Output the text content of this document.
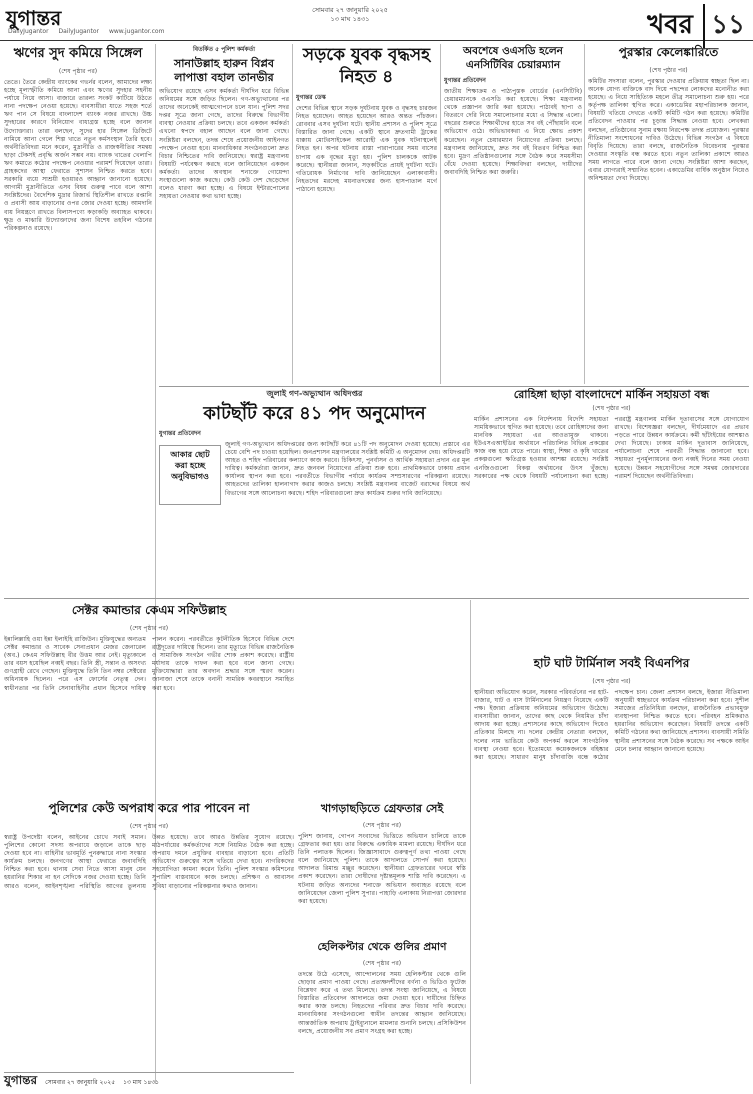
যুগান্তর
DailyJugantor DailyJugantor www.jugantor.com
সোমবার ২৭ জানুয়ারি ২০২৫
১৩ মাঘ ১৪৩১	খবর ১১
ঋণের সুদ কমিয়ে সিঙ্গেল
(শেষ পৃষ্ঠার পর)

তেতে। তৈরে কেন্দ্রীয় ব্যাংকের গভর্নর বলেন, আমাদের লক্ষ্য হচ্ছে মূল্যস্ফীতি কমিয়ে আনা এবং ঋণের সুদহার সহনীয় পর্যায়ে নিয়ে আসা। বাজারে তারল্য সংকট কাটিয়ে উঠতে নানা পদক্ষেপ নেওয়া হয়েছে। ব্যবসায়ীরা যাতে সহজ শর্তে ঋণ পান সে বিষয়ে বাংলাদেশ ব্যাংক নজর রাখছে। উচ্চ সুদহারের কারণে বিনিয়োগ বাধাগ্রস্ত হচ্ছে বলে জানান উদ্যোক্তারা। তারা বলছেন, সুদের হার সিঙ্গেল ডিজিটে নামিয়ে আনা গেলে শিল্প খাতে নতুন কর্মসংস্থান তৈরি হবে। অর্থনীতিবিদরা মনে করেন, মুদ্রানীতি ও রাজস্বনীতির সমন্বয় ছাড়া টেকসই প্রবৃদ্ধি অর্জন সম্ভব নয়। ব্যাংক খাতের খেলাপি ঋণ কমাতে কঠোর পদক্ষেপ নেওয়ার পরামর্শ দিয়েছেন তারা। গ্রাহকদের আস্থা ফেরাতে সুশাসন নিশ্চিত করতে হবে। সরকারি ব্যয়ে সাশ্রয়ী হওয়ারও আহ্বান জানানো হয়েছে। আগামী মুদ্রানীতিতে এসব বিষয় গুরুত্ব পাবে বলে আশা সংশ্লিষ্টদের। বৈদেশিক মুদ্রার রিজার্ভ স্থিতিশীল রাখতে রপ্তানি ও প্রবাসী আয় বাড়ানোর ওপর জোর দেওয়া হচ্ছে। আমদানি ব্যয় নিয়ন্ত্রণে রাখতে বিলাসপণ্যে কড়াকড়ি অব্যাহত থাকবে। ক্ষুদ্র ও মাঝারি উদ্যোক্তাদের জন্য বিশেষ তহবিল গঠনের পরিকল্পনাও রয়েছে।

বিতর্কিত ৫ পুলিশ কর্মকর্তা
সানাউল্লাহ হারুন বিপ্লব লাপাত্তা বহাল তানভীর

অভিযোগ রয়েছে এসব কর্মকর্তা দীর্ঘদিন ধরে বিভিন্ন অনিয়মের সঙ্গে জড়িত ছিলেন। গণ-অভ্যুত্থানের পর তাদের অনেকেই আত্মগোপনে চলে যান। পুলিশ সদর দপ্তর সূত্রে জানা গেছে, তাদের বিরুদ্ধে বিভাগীয় ব্যবস্থা নেওয়ার প্রক্রিয়া চলছে। তবে একজন কর্মকর্তা এখনো স্বপদে বহাল আছেন বলে জানা গেছে। সংশ্লিষ্টরা বলছেন, তদন্ত শেষে প্রয়োজনীয় আইনগত পদক্ষেপ নেওয়া হবে। মানবাধিকার সংগঠনগুলো দ্রুত বিচার নিশ্চিতের দাবি জানিয়েছে। স্বরাষ্ট্র মন্ত্রণালয় বিষয়টি পর্যবেক্ষণ করছে বলে জানিয়েছেন একজন কর্মকর্তা। তাদের অবস্থান শনাক্তে গোয়েন্দা সংস্থাগুলো কাজ করছে। কেউ কেউ দেশ ছেড়েছেন বলেও ধারণা করা হচ্ছে। এ বিষয়ে ইন্টারপোলের সহায়তা নেওয়ার কথা ভাবা হচ্ছে।

সড়কে যুবক বৃদ্ধসহ নিহত ৪
যুগান্তর ডেস্ক

দেশের বিভিন্ন স্থানে সড়ক দুর্ঘটনায় যুবক ও বৃদ্ধসহ চারজন নিহত হয়েছেন। আহত হয়েছেন আরও অন্তত পাঁচজন। রোববার এসব দুর্ঘটনা ঘটে। স্থানীয় প্রশাসন ও পুলিশ সূত্রে বিস্তারিত জানা গেছে। একটি স্থানে দ্রুতগামী ট্রাকের ধাক্কায় মোটরসাইকেল আরোহী এক যুবক ঘটনাস্থলেই নিহত হন। অপর ঘটনায় রাস্তা পারাপারের সময় বাসের চাপায় এক বৃদ্ধের মৃত্যু হয়। পুলিশ চালককে আটক করেছে। স্থানীয়রা জানান, সড়কটিতে প্রায়ই দুর্ঘটনা ঘটে। গতিরোধক নির্মাণের দাবি জানিয়েছেন এলাকাবাসী। নিহতদের মরদেহ ময়নাতদন্তের জন্য হাসপাতাল মর্গে পাঠানো হয়েছে।

অবশেষে ওএসডি হলেন এনসিটিবির চেয়ারম্যান
যুগান্তর প্রতিবেদন

জাতীয় শিক্ষাক্রম ও পাঠ্যপুস্তক বোর্ডের (এনসিটিবি) চেয়ারম্যানকে ওএসডি করা হয়েছে। শিক্ষা মন্ত্রণালয় থেকে প্রজ্ঞাপন জারি করা হয়েছে। পাঠ্যবই ছাপা ও বিতরণে দেরি নিয়ে সমালোচনার মধ্যে এ সিদ্ধান্ত এলো। বছরের শুরুতে শিক্ষার্থীদের হাতে সব বই পৌঁছায়নি বলে অভিযোগ ওঠে। অভিভাবকরা এ নিয়ে ক্ষোভ প্রকাশ করেছেন। নতুন চেয়ারম্যান নিয়োগের প্রক্রিয়া চলছে। মন্ত্রণালয় জানিয়েছে, দ্রুত সব বই বিতরণ নিশ্চিত করা হবে। মুদ্রণ প্রতিষ্ঠানগুলোর সঙ্গে বৈঠক করে সময়সীমা বেঁধে দেওয়া হয়েছে। শিক্ষাবিদরা বলছেন, দায়ীদের জবাবদিহি নিশ্চিত করা জরুরি।

পুরস্কার কেলেঙ্কারিতে
(শেষ পৃষ্ঠার পর)

কমিটির সদস্যরা বলেন, পুরস্কার দেওয়ার প্রক্রিয়ায় স্বচ্ছতা ছিল না। অনেক যোগ্য ব্যক্তিকে বাদ দিয়ে পছন্দের লোকদের মনোনীত করা হয়েছে। এ নিয়ে সাহিত্যিক মহলে তীব্র সমালোচনা শুরু হয়। পরে কর্তৃপক্ষ তালিকা স্থগিত করে। একাডেমির মহাপরিচালক জানান, বিষয়টি খতিয়ে দেখতে একটি কমিটি গঠন করা হয়েছে। কমিটির প্রতিবেদন পাওয়ার পর চূড়ান্ত সিদ্ধান্ত নেওয়া হবে। লেখকরা বলছেন, প্রতিষ্ঠানের সুনাম রক্ষায় নিরপেক্ষ তদন্ত প্রয়োজন। পুরস্কার নীতিমালা সংশোধনের দাবিও উঠেছে। বিভিন্ন সংগঠন এ বিষয়ে বিবৃতি দিয়েছে। তারা বলছে, রাজনৈতিক বিবেচনায় পুরস্কার দেওয়ার সংস্কৃতি বন্ধ করতে হবে। নতুন তালিকা প্রকাশে আরও সময় লাগতে পারে বলে জানা গেছে। সংশ্লিষ্টরা আশা করছেন, এবার যোগ্যরাই সম্মানিত হবেন। একাডেমির বার্ষিক অনুষ্ঠান নিয়েও অনিশ্চয়তা দেখা দিয়েছে।

জুলাই গণ-অভ্যুত্থান অধিদপ্তর
কাটছাঁট করে ৪১ পদ অনুমোদন
যুগান্তর প্রতিবেদন
আকার ছোট
করা হচ্ছে
অনুবিভাগও

জুলাই গণ-অভ্যুত্থান অধিদপ্তরের জন্য কাটছাঁট করে ৪১টি পদ অনুমোদন দেওয়া হয়েছে। প্রস্তাবে এর চেয়ে বেশি পদ চাওয়া হয়েছিল। জনপ্রশাসন মন্ত্রণালয়ের সংশ্লিষ্ট কমিটি এ অনুমোদন দেয়। অধিদপ্তরটি আহত ও শহিদ পরিবারের কল্যাণে কাজ করবে। চিকিৎসা, পুনর্বাসন ও আর্থিক সহায়তা প্রদান এর মূল দায়িত্ব। কর্মকর্তারা জানান, দ্রুত জনবল নিয়োগের প্রক্রিয়া শুরু হবে। প্রাথমিকভাবে ঢাকায় প্রধান কার্যালয় স্থাপন করা হবে। পরবর্তীতে বিভাগীয় পর্যায়ে কার্যক্রম সম্প্রসারণের পরিকল্পনা রয়েছে। আহতদের তালিকা হালনাগাদ করার কাজও চলছে। সংশ্লিষ্ট মন্ত্রণালয় বাজেট বরাদ্দের বিষয়ে অর্থ বিভাগের সঙ্গে আলোচনা করছে। শহিদ পরিবারগুলো দ্রুত কার্যক্রম শুরুর দাবি জানিয়েছে।

রোহিঙ্গা ছাড়া বাংলাদেশে মার্কিন সহায়তা বন্ধ
(শেষ পৃষ্ঠার পর)

মার্কিন প্রশাসনের এক নির্দেশনায় বিদেশি সহায়তা সাময়িকভাবে স্থগিত করা হয়েছে। তবে রোহিঙ্গাদের জন্য মানবিক সহায়তা এর আওতামুক্ত থাকবে। ইউএসএআইডির অর্থায়নে পরিচালিত বিভিন্ন প্রকল্পের কাজ বন্ধ হয়ে যেতে পারে। স্বাস্থ্য, শিক্ষা ও কৃষি খাতের প্রকল্পগুলো ক্ষতিগ্রস্ত হওয়ার আশঙ্কা রয়েছে। সংশ্লিষ্ট এনজিওগুলো বিকল্প অর্থায়নের উৎস খুঁজছে। সরকারের পক্ষ থেকে বিষয়টি পর্যালোচনা করা হচ্ছে। পররাষ্ট্র মন্ত্রণালয় মার্কিন দূতাবাসের সঙ্গে যোগাযোগ রাখছে। বিশেষজ্ঞরা বলছেন, দীর্ঘমেয়াদে এর প্রভাব পড়তে পারে উন্নয়ন কার্যক্রমে। কর্মী ছাঁটাইয়ের আশঙ্কাও দেখা দিয়েছে। ঢাকায় মার্কিন দূতাবাস জানিয়েছে, পর্যালোচনা শেষে পরবর্তী সিদ্ধান্ত জানানো হবে। সহায়তা পুনর্মূল্যায়নের জন্য নব্বই দিনের সময় নেওয়া হয়েছে। উন্নয়ন সহযোগীদের সঙ্গে সমন্বয় জোরদারের পরামর্শ দিয়েছেন অর্থনীতিবিদরা।

সেক্টর কমান্ডার কেএম সফিউল্লাহ
(শেষ পৃষ্ঠার পর)

ইন্নালিল্লাহি ওয়া ইন্না ইলাইহি রাজিউন। মুক্তিযুদ্ধের অন্যতম সেক্টর কমান্ডার ও সাবেক সেনাপ্রধান মেজর জেনারেল (অব.) কেএম সফিউল্লাহ বীর উত্তম আর নেই। মৃত্যুকালে তার বয়স হয়েছিল নব্বই বছর। তিনি স্ত্রী, সন্তান ও অসংখ্য গুণগ্রাহী রেখে গেছেন। মুক্তিযুদ্ধে তিনি তিন নম্বর সেক্টরের অধিনায়ক ছিলেন। পরে এস ফোর্সের নেতৃত্ব দেন। স্বাধীনতার পর তিনি সেনাবাহিনীর প্রধান হিসেবে দায়িত্ব পালন করেন। পরবর্তীতে কূটনীতিক হিসেবে বিভিন্ন দেশে রাষ্ট্রদূতের দায়িত্বে ছিলেন। তার মৃত্যুতে বিভিন্ন রাজনৈতিক ও সামাজিক সংগঠন গভীর শোক প্রকাশ করেছে। রাষ্ট্রীয় মর্যাদায় তাকে দাফন করা হবে বলে জানা গেছে। মুক্তিযোদ্ধারা তার অবদান শ্রদ্ধার সঙ্গে স্মরণ করেন। জানাজা শেষে তাকে বনানী সামরিক কবরস্থানে সমাহিত করা হবে।

পুলিশের কেউ অপরাধ করে পার পাবেন না
(শেষ পৃষ্ঠার পর)

স্বরাষ্ট্র উপদেষ্টা বলেন, আইনের চোখে সবাই সমান। পুলিশের কোনো সদস্য অপরাধে জড়ালে তাকে ছাড় দেওয়া হবে না। বাহিনীর ভাবমূর্তি পুনরুদ্ধারে নানা সংস্কার কার্যক্রম চলছে। জনগণের আস্থা ফেরাতে জবাবদিহি নিশ্চিত করা হবে। থানায় সেবা নিতে আসা মানুষ যেন হয়রানির শিকার না হন সেদিকে নজর দেওয়া হচ্ছে। তিনি আরও বলেন, আইনশৃঙ্খলা পরিস্থিতি আগের তুলনায় উন্নত হয়েছে। তবে আরও উন্নতির সুযোগ রয়েছে। মাঠপর্যায়ের কর্মকর্তাদের সঙ্গে নিয়মিত বৈঠক করা হচ্ছে। অপরাধ দমনে প্রযুক্তির ব্যবহার বাড়ানো হবে। প্রতিটি অভিযোগ গুরুত্বের সঙ্গে খতিয়ে দেখা হবে। নাগরিকদের সহযোগিতা কামনা করেন তিনি। পুলিশ সংস্কার কমিশনের সুপারিশ বাস্তবায়নে কাজ চলছে। প্রশিক্ষণ ও আবাসন সুবিধা বাড়ানোর পরিকল্পনার কথাও জানান।

খাগড়াছড়িতে গ্রেফতার সেই
(শেষ পৃষ্ঠার পর)

পুলিশ জানায়, গোপন সংবাদের ভিত্তিতে অভিযান চালিয়ে তাকে গ্রেফতার করা হয়। তার বিরুদ্ধে একাধিক মামলা রয়েছে। দীর্ঘদিন ধরে তিনি পলাতক ছিলেন। জিজ্ঞাসাবাদে গুরুত্বপূর্ণ তথ্য পাওয়া গেছে বলে জানিয়েছে পুলিশ। তাকে আদালতে সোপর্দ করা হয়েছে। আদালত রিমান্ড মঞ্জুর করেছেন। স্থানীয়রা গ্রেফতারের খবরে স্বস্তি প্রকাশ করেছেন। তারা দোষীদের দৃষ্টান্তমূলক শাস্তি দাবি করেছেন। এ ঘটনায় জড়িত অন্যদের শনাক্তে অভিযান অব্যাহত রয়েছে বলে জানিয়েছেন জেলা পুলিশ সুপার। পাহাড়ি এলাকায় নিরাপত্তা জোরদার করা হয়েছে।

হাট ঘাট টার্মিনাল সবই বিএনপির
(শেষ পৃষ্ঠার পর)

স্থানীয়রা অভিযোগ করেন, সরকার পরিবর্তনের পর হাট-বাজার, ঘাট ও বাস টার্মিনালের নিয়ন্ত্রণ নিয়েছে একটি পক্ষ। ইজারা প্রক্রিয়ায় অনিয়মের অভিযোগ উঠেছে। ব্যবসায়ীরা জানান, তাদের কাছ থেকে নিয়মিত চাঁদা আদায় করা হচ্ছে। প্রশাসনের কাছে অভিযোগ দিয়েও প্রতিকার মিলছে না। দলের কেন্দ্রীয় নেতারা বলছেন, দলের নাম ভাঙিয়ে কেউ অপকর্ম করলে সাংগঠনিক ব্যবস্থা নেওয়া হবে। ইতোমধ্যে কয়েকজনকে বহিষ্কার করা হয়েছে। সাধারণ মানুষ চাঁদাবাজি বন্ধে কঠোর পদক্ষেপ চান। জেলা প্রশাসন বলছে, ইজারা নীতিমালা অনুযায়ী স্বচ্ছভাবে কার্যক্রম পরিচালনা করা হবে। সুশীল সমাজের প্রতিনিধিরা বলছেন, রাজনৈতিক প্রভাবমুক্ত ব্যবস্থাপনা নিশ্চিত করতে হবে। পরিবহন শ্রমিকরাও হয়রানির অভিযোগ করেছেন। বিষয়টি তদন্তে একটি কমিটি গঠনের কথা জানিয়েছে প্রশাসন। ব্যবসায়ী সমিতি স্থানীয় প্রশাসনের সঙ্গে বৈঠক করেছে। সব পক্ষকে আইন মেনে চলার আহ্বান জানানো হয়েছে।

হেলিকপ্টার থেকে গুলির প্রমাণ
(শেষ পৃষ্ঠার পর)

তদন্তে উঠে এসেছে, আন্দোলনের সময় হেলিকপ্টার থেকে গুলি ছোড়ার প্রমাণ পাওয়া গেছে। প্রত্যক্ষদর্শীদের বর্ণনা ও ভিডিও ফুটেজ বিশ্লেষণ করে এ তথ্য মিলেছে। তদন্ত সংস্থা জানিয়েছে, এ বিষয়ে বিস্তারিত প্রতিবেদন আদালতে জমা দেওয়া হবে। দায়ীদের চিহ্নিত করার কাজ চলছে। নিহতদের পরিবার দ্রুত বিচার দাবি করেছে। মানবাধিকার সংগঠনগুলো স্বাধীন তদন্তের আহ্বান জানিয়েছে। আন্তর্জাতিক অপরাধ ট্রাইব্যুনালে মামলার শুনানি চলছে। প্রসিকিউশন বলছে, প্রয়োজনীয় সব প্রমাণ সংগ্রহ করা হচ্ছে।

যুগান্তর সোমবার ২৭ জানুয়ারি ২০২৫ ১৩ মাঘ ১৪৩১
